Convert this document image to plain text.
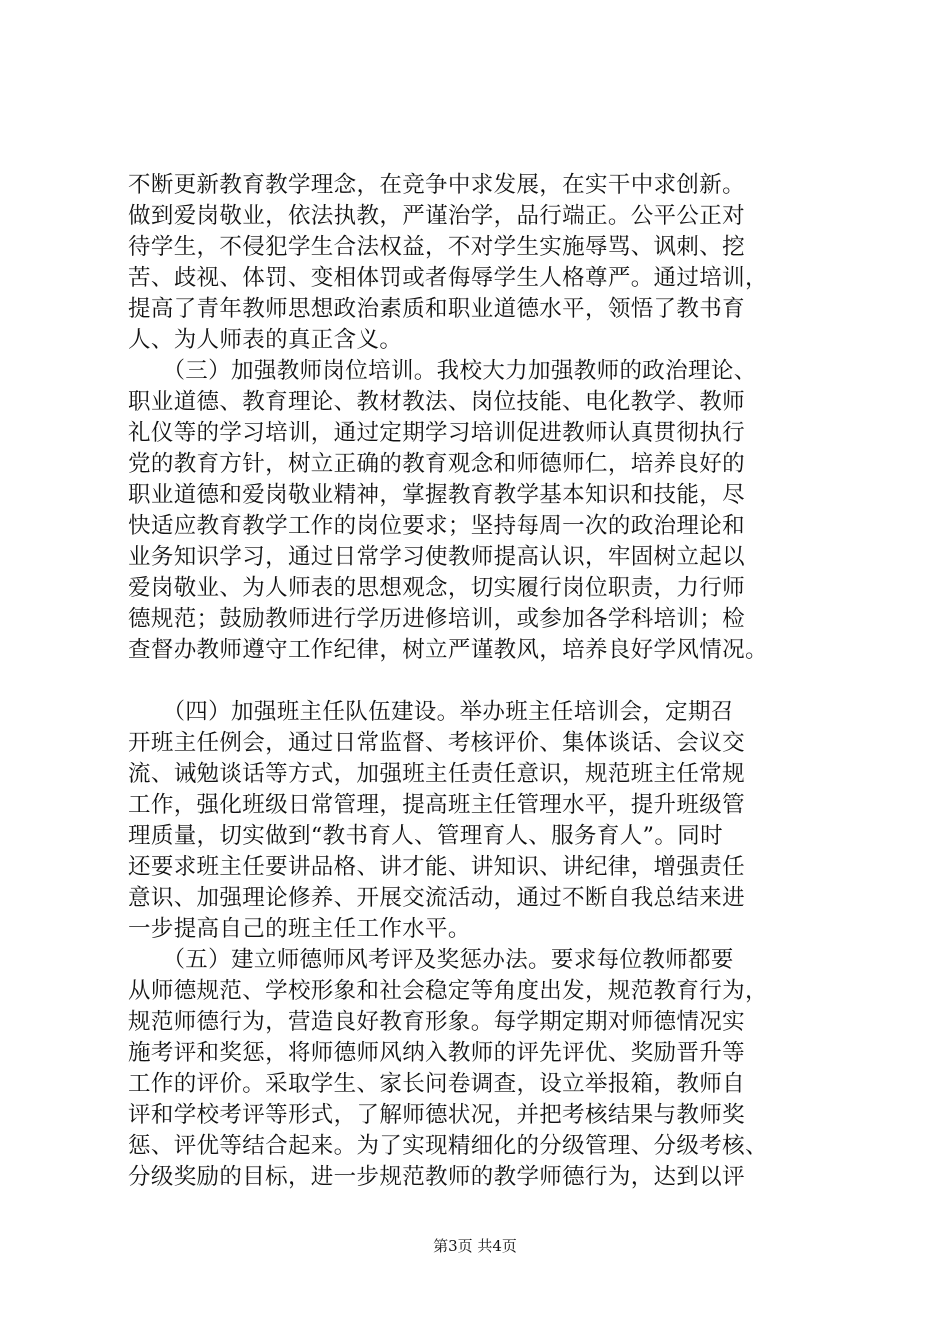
不断更新教育教学理念，在竞争中求发展，在实干中求创新。
做到爱岗敬业，依法执教，严谨治学，品行端正。公平公正对
待学生，不侵犯学生合法权益，不对学生实施辱骂、讽刺、挖
苦、歧视、体罚、变相体罚或者侮辱学生人格尊严。通过培训，
提高了青年教师思想政治素质和职业道德水平，领悟了教书育
人、为人师表的真正含义。
　　（三）加强教师岗位培训。我校大力加强教师的政治理论、
职业道德、教育理论、教材教法、岗位技能、电化教学、教师
礼仪等的学习培训，通过定期学习培训促进教师认真贯彻执行
党的教育方针，树立正确的教育观念和师德师仁，培养良好的
职业道德和爱岗敬业精神，掌握教育教学基本知识和技能，尽
快适应教育教学工作的岗位要求；坚持每周一次的政治理论和
业务知识学习，通过日常学习使教师提高认识，牢固树立起以
爱岗敬业、为人师表的思想观念，切实履行岗位职责，力行师
德规范；鼓励教师进行学历进修培训，或参加各学科培训；检
查督办教师遵守工作纪律，树立严谨教风，培养良好学风情况。
　　（四）加强班主任队伍建设。举办班主任培训会，定期召
开班主任例会，通过日常监督、考核评价、集体谈话、会议交
流、诫勉谈话等方式，加强班主任责任意识，规范班主任常规
工作，强化班级日常管理，提高班主任管理水平，提升班级管
理质量，切实做到“教书育人、管理育人、服务育人”。同时
还要求班主任要讲品格、讲才能、讲知识、讲纪律，增强责任
意识、加强理论修养、开展交流活动，通过不断自我总结来进
一步提高自己的班主任工作水平。
　　（五）建立师德师风考评及奖惩办法。要求每位教师都要
从师德规范、学校形象和社会稳定等角度出发，规范教育行为，
规范师德行为，营造良好教育形象。每学期定期对师德情况实
施考评和奖惩，将师德师风纳入教师的评先评优、奖励晋升等
工作的评价。采取学生、家长问卷调查，设立举报箱，教师自
评和学校考评等形式，了解师德状况，并把考核结果与教师奖
惩、评优等结合起来。为了实现精细化的分级管理、分级考核、
分级奖励的目标，进一步规范教师的教学师德行为，达到以评
第3页 共4页
